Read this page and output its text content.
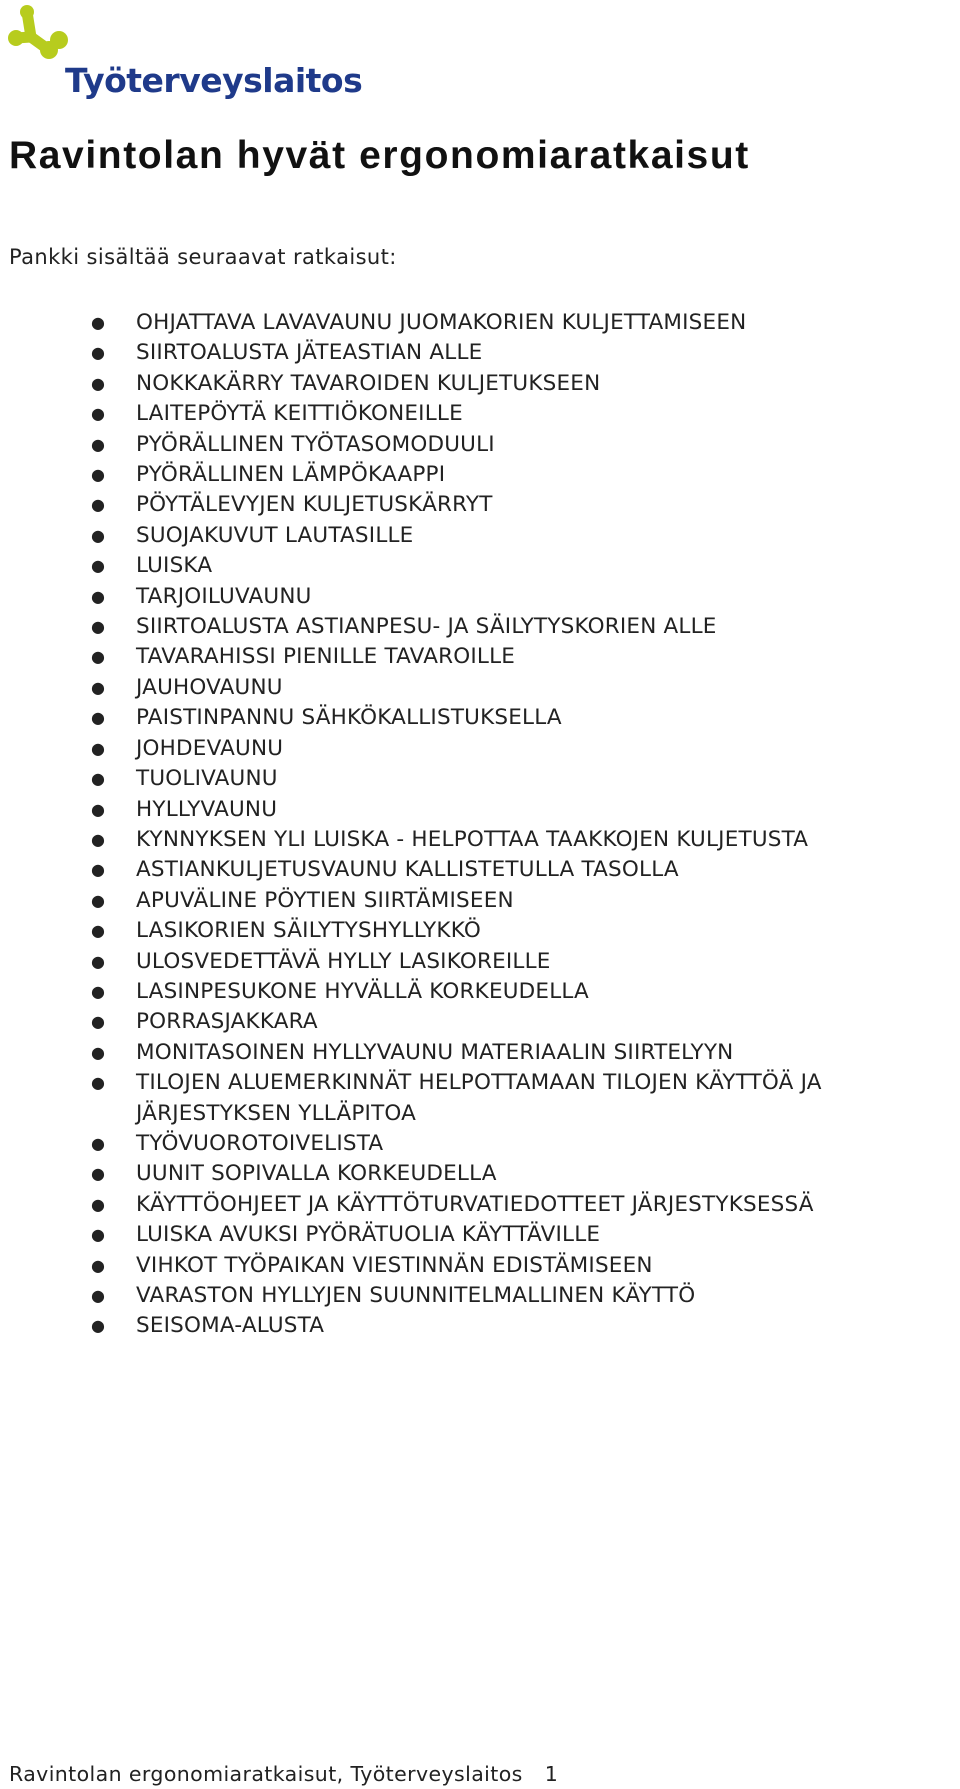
Työterveyslaitos
Ravintolan hyvät ergonomiaratkaisut

Pankki sisältää seuraavat ratkaisut:

● OHJATTAVA LAVAVAUNU JUOMAKORIEN KULJETTAMISEEN
● SIIRTOALUSTA JÄTEASTIAN ALLE
● NOKKAKÄRRY TAVAROIDEN KULJETUKSEEN
● LAITEPÖYTÄ KEITTIÖKONEILLE
● PYÖRÄLLINEN TYÖTASOMODUULI
● PYÖRÄLLINEN LÄMPÖKAAPPI
● PÖYTÄLEVYJEN KULJETUSKÄRRYT
● SUOJAKUVUT LAUTASILLE
● LUISKA
● TARJOILUVAUNU
● SIIRTOALUSTA ASTIANPESU- JA SÄILYTYSKORIEN ALLE
● TAVARAHISSI PIENILLE TAVAROILLE
● JAUHOVAUNU
● PAISTINPANNU SÄHKÖKALLISTUKSELLA
● JOHDEVAUNU
● TUOLIVAUNU
● HYLLYVAUNU
● KYNNYKSEN YLI LUISKA - HELPOTTAA TAAKKOJEN KULJETUSTA
● ASTIANKULJETUSVAUNU KALLISTETULLA TASOLLA
● APUVÄLINE PÖYTIEN SIIRTÄMISEEN
● LASIKORIEN SÄILYTYSHYLLYKKÖ
● ULOSVEDETTÄVÄ HYLLY LASIKOREILLE
● LASINPESUKONE HYVÄLLÄ KORKEUDELLA
● PORRASJAKKARA
● MONITASOINEN HYLLYVAUNU MATERIAALIN SIIRTELYYN
● TILOJEN ALUEMERKINNÄT HELPOTTAMAAN TILOJEN KÄYTTÖÄ JA JÄRJESTYKSEN YLLÄPITOA
● TYÖVUOROTOIVELISTA
● UUNIT SOPIVALLA KORKEUDELLA
● KÄYTTÖOHJEET JA KÄYTTÖTURVATIEDOTTEET JÄRJESTYKSESSÄ
● LUISKA AVUKSI PYÖRÄTUOLIA KÄYTTÄVILLE
● VIHKOT TYÖPAIKAN VIESTINNÄN EDISTÄMISEEN
● VARASTON HYLLYJEN SUUNNITELMALLINEN KÄYTTÖ
● SEISOMA-ALUSTA
Ravintolan ergonomiaratkaisut, Työterveyslaitos 1
